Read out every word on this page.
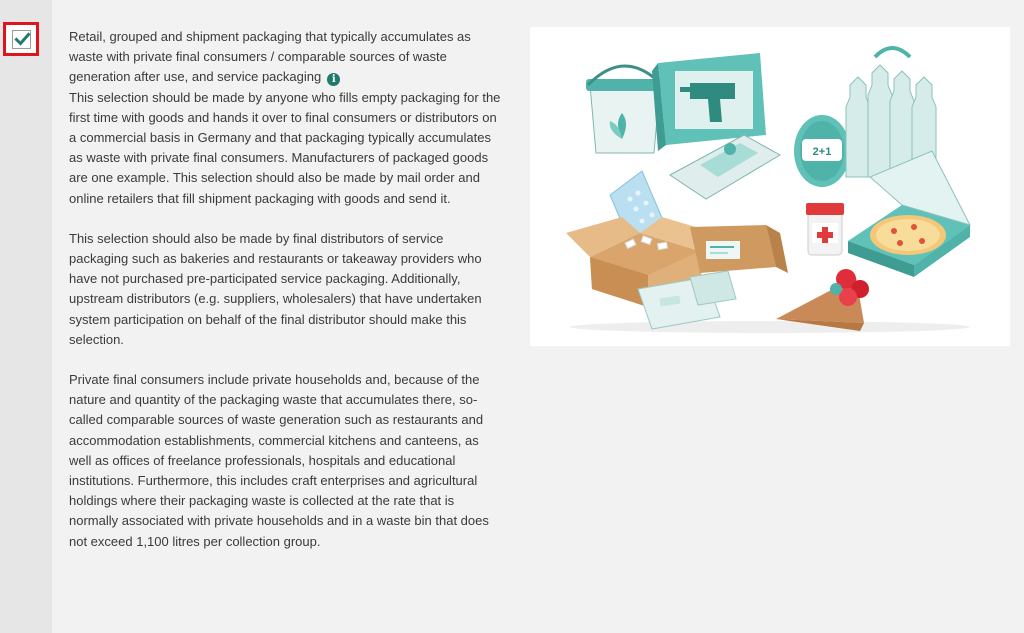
Retail, grouped and shipment packaging that typically accumulates as waste with private final consumers / comparable sources of waste generation after use, and service packaging i

This selection should be made by anyone who fills empty packaging for the first time with goods and hands it over to final consumers or distributors on a commercial basis in Germany and that packaging typically accumulates as waste with private final consumers. Manufacturers of packaged goods are one example. This selection should also be made by mail order and online retailers that fill shipment packaging with goods and send it.

This selection should also be made by final distributors of service packaging such as bakeries and restaurants or takeaway providers who have not purchased pre-participated service packaging. Additionally, upstream distributors (e.g. suppliers, wholesalers) that have undertaken system participation on behalf of the final distributor should make this selection.

Private final consumers include private households and, because of the nature and quantity of the packaging waste that accumulates there, so-called comparable sources of waste generation such as restaurants and accommodation establishments, commercial kitchens and canteens, as well as offices of freelance professionals, hospitals and educational institutions. Furthermore, this includes craft enterprises and agricultural holdings where their packaging waste is collected at the rate that is normally associated with private households and in a waste bin that does not exceed 1,100 litres per collection group.

2+1
